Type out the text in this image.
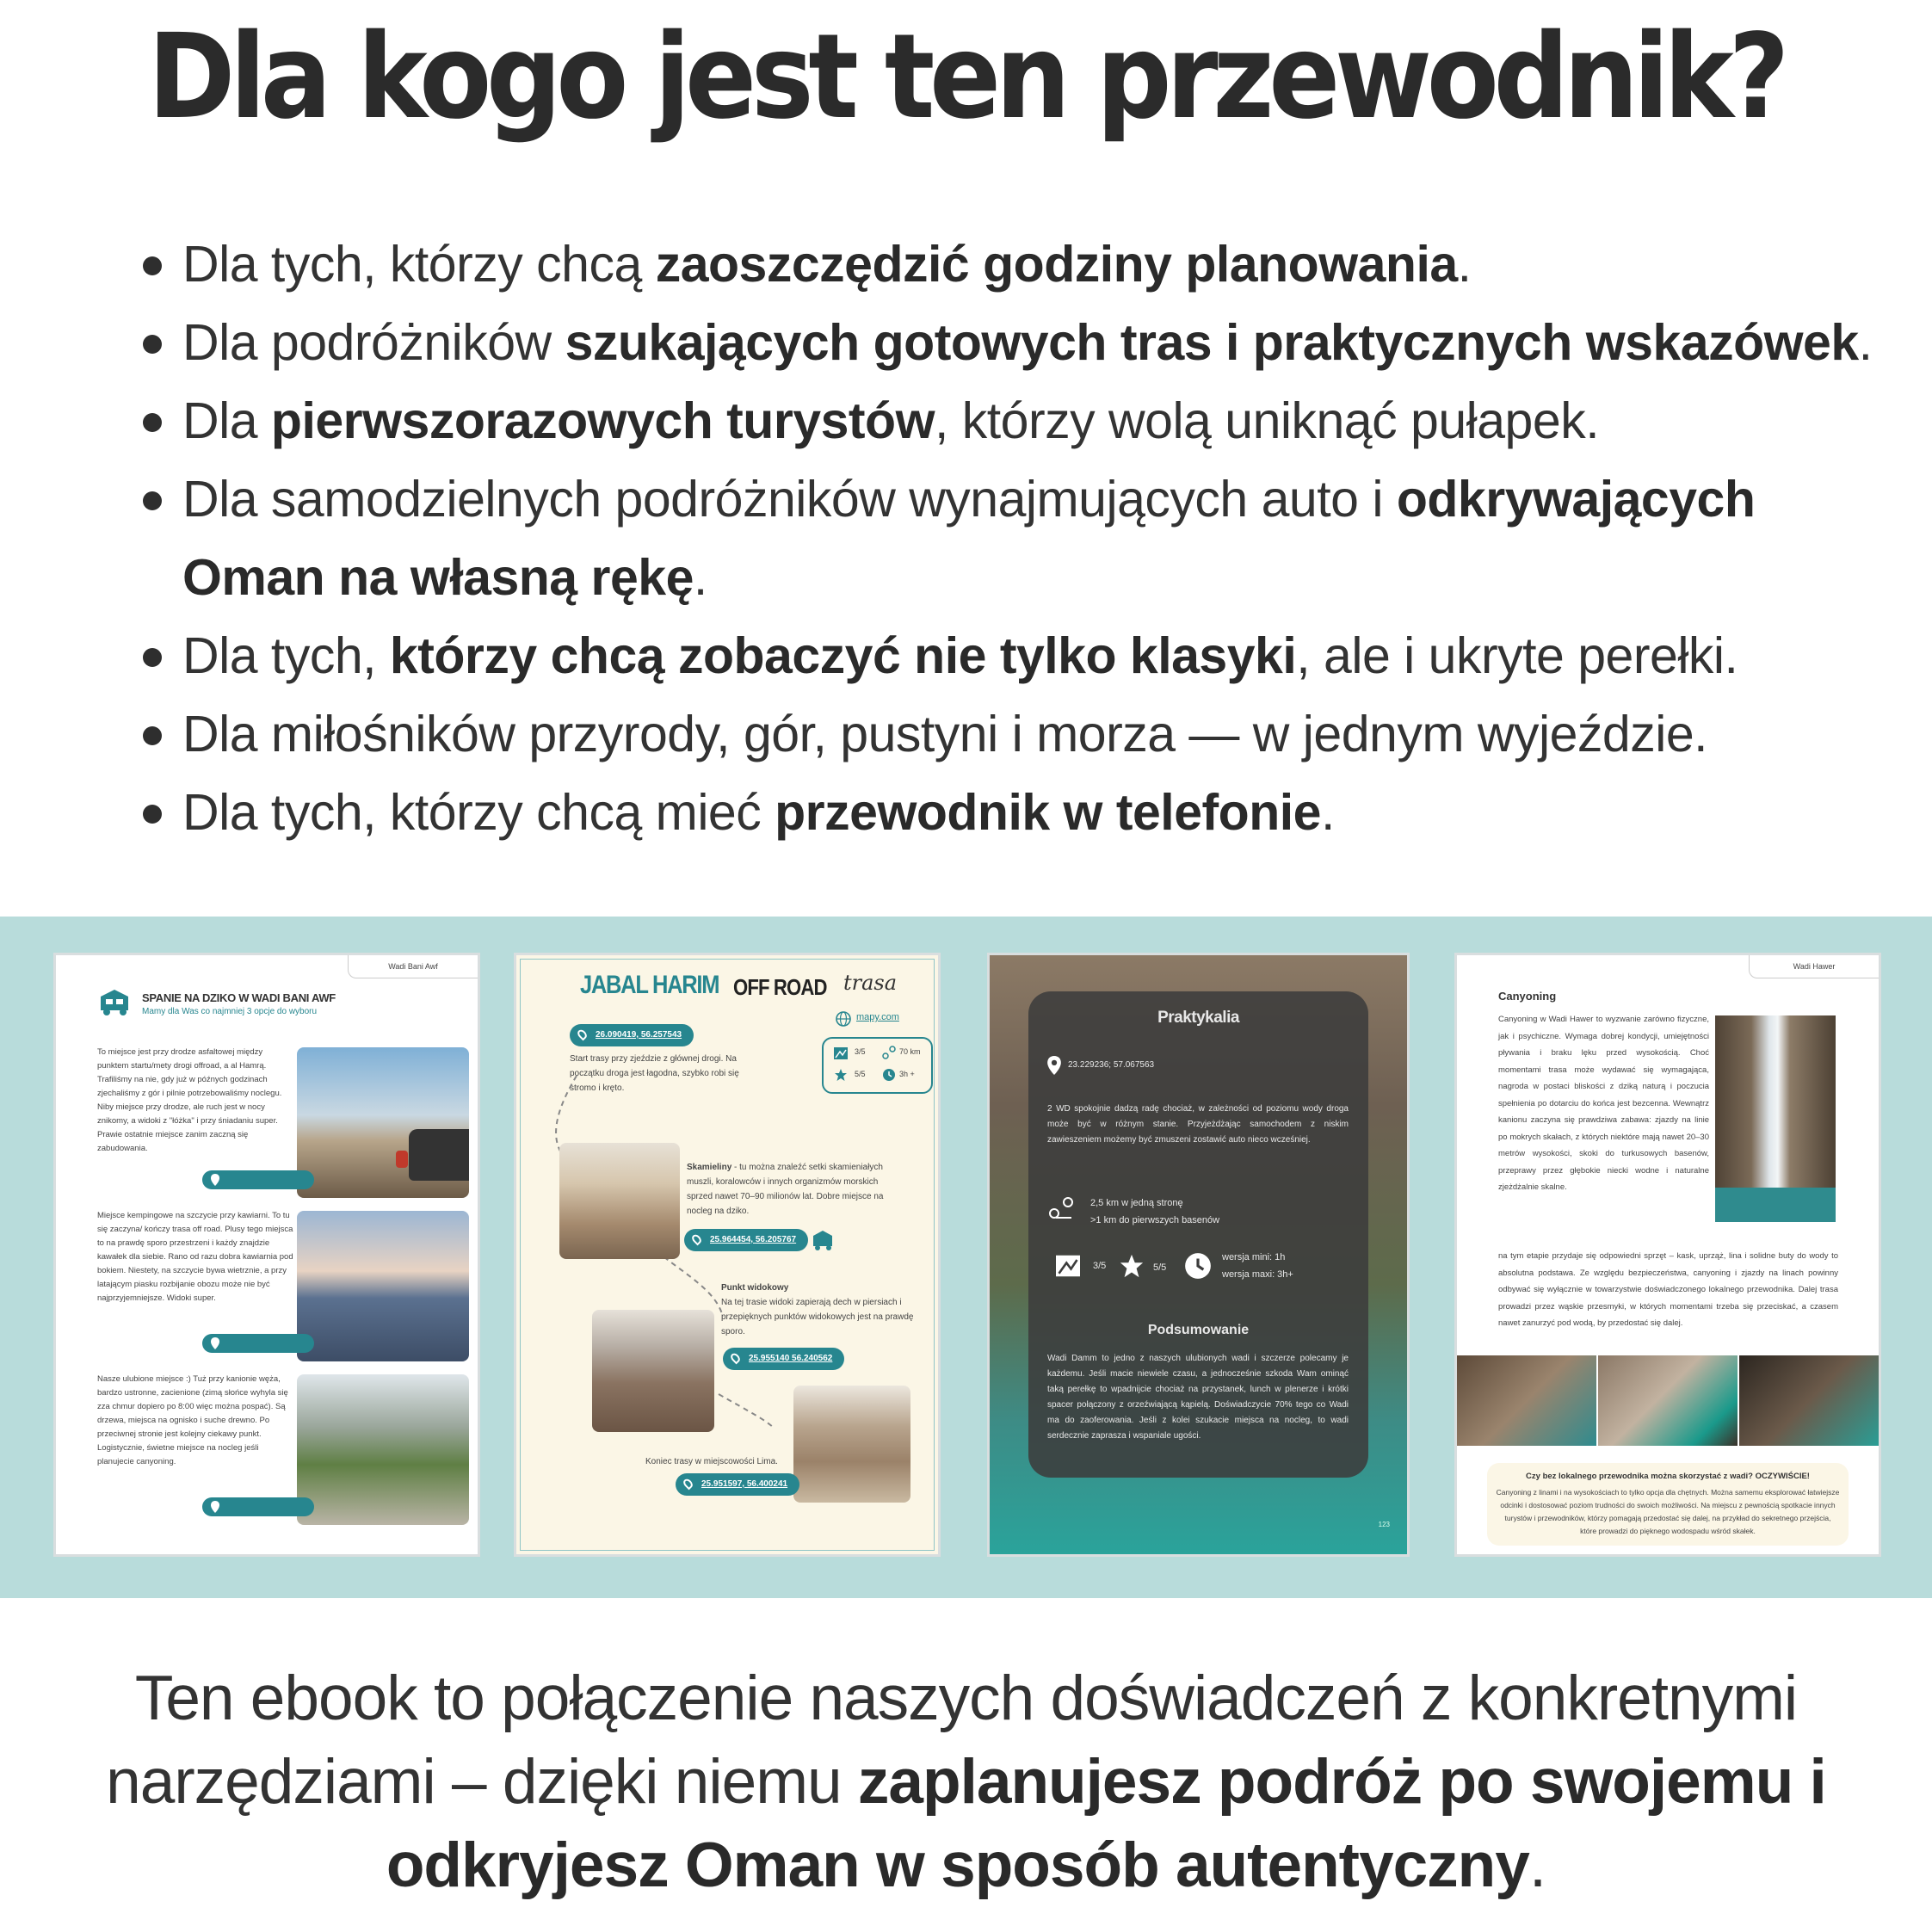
Dla kogo jest ten przewodnik?
Dla tych, którzy chcą zaoszczędzić godziny planowania.
Dla podróżników szukających gotowych tras i praktycznych wskazówek.
Dla pierwszorazowych turystów, którzy wolą uniknąć pułapek.
Dla samodzielnych podróżników wynajmujących auto i odkrywających Oman na własną rękę.
Dla tych, którzy chcą zobaczyć nie tylko klasyki, ale i ukryte perełki.
Dla miłośników przyrody, gór, pustyni i morza — w jednym wyjeździe.
Dla tych, którzy chcą mieć przewodnik w telefonie.
Wadi Bani Awf
SPANIE NA DZIKO W WADI BANI AWF
Mamy dla Was co najmniej 3 opcje do wyboru
To miejsce jest przy drodze asfaltowej między punktem startu/mety drogi offroad, a al Hamrą. Trafiliśmy na nie, gdy już w późnych godzinach zjechaliśmy z gór i pilnie potrzebowaliśmy noclegu. Niby miejsce przy drodze, ale ruch jest w nocy znikomy, a widoki z "łóżka" i przy śniadaniu super. Prawie ostatnie miejsce zanim zaczną się zabudowania.
Miejsce kempingowe na szczycie przy kawiarni. To tu się zaczyna/ kończy trasa off road. Plusy tego miejsca to na prawdę sporo przestrzeni i każdy znajdzie kawałek dla siebie. Rano od razu dobra kawiarnia pod bokiem. Niestety, na szczycie bywa wietrznie, a przy latającym piasku rozbijanie obozu może nie być najprzyjemniejsze. Widoki super.
Nasze ulubione miejsce :) Tuż przy kanionie wężа, bardzo ustronne, zacienione (zimą słońce wyhyla się zza chmur dopiero po 8:00 więc można pospać). Są drzewa, miejsca na ognisko i suche drewno. Po przeciwnej stronie jest kolejny ciekawy punkt. Logistycznie, świetne miejsce na nocleg jeśli planujecie canyoning.
JABAL HARIM OFF ROAD trasa
mapy.com
3/5	70 km
5/5	3h +
26.090419, 56.257543
Start trasy przy zjeździe z głównej drogi. Na początku droga jest łagodna, szybko robi się stromo i kręto.
Skamieliny - tu można znaleźć setki skamieniałych muszli, koralowców i innych organizmów morskich sprzed nawet 70–90 milionów lat. Dobre miejsce na nocleg na dziko.
25.964454, 56.205767
Punkt widokowy
Na tej trasie widoki zapierają dech w piersiach i przepięknych punktów widokowych jest na prawdę sporo.
25.955140 56.240562
Koniec trasy w miejscowości Lima.
25.951597, 56.400241
Praktykalia
23.229236; 57.067563
2 WD spokojnie dadzą radę chociaż, w zależności od poziomu wody droga może być w różnym stanie. Przyjeżdżając samochodem z niskim zawieszeniem możemy być zmuszeni zostawić auto nieco wcześniej.
2,5 km w jedną stronę
>1 km do pierwszych basenów
3/5	5/5
wersja mini: 1h
wersja maxi: 3h+
Podsumowanie
Wadi Damm to jedno z naszych ulubionych wadi i szczerze polecamy je każdemu. Jeśli macie niewiele czasu, a jednocześnie szkoda Wam ominąć taką perełkę to wpadnijcie chociaż na przystanek, lunch w plenerze i krótki spacer połączony z orzeźwiającą kąpielą. Doświadczycie 70% tego co Wadi ma do zaoferowania. Jeśli z kolei szukacie miejsca na nocleg, to wadi serdecznie zaprasza i wspaniale ugości.
123
Wadi Hawer
Canyoning
Canyoning w Wadi Hawer to wyzwanie zarówno fizyczne, jak i psychiczne. Wymaga dobrej kondycji, umiejętności pływania i braku lęku przed wysokością. Choć momentami trasa może wydawać się wymagająca, nagroda w postaci bliskości z dziką naturą i poczucia spełnienia po dotarciu do końca jest bezcenna. Wewnątrz kanionu zaczyna się prawdziwa zabawa: zjazdy na linie po mokrych skałach, z których niektóre mają nawet 20–30 metrów wysokości, skoki do turkusowych basenów, przeprawy przez głębokie niecki wodne i naturalne zjeżdżalnie skalne.
na tym etapie przydaje się odpowiedni sprzęt – kask, uprząż, lina i solidne buty do wody to absolutna podstawa. Ze względu bezpieczeństwa, canyoning i zjazdy na linach powinny odbywać się wyłącznie w towarzystwie doświadczonego lokalnego przewodnika. Dalej trasa prowadzi przez wąskie przesmyki, w których momentami trzeba się przeciskać, a czasem nawet zanurzyć pod wodą, by przedostać się dalej.
Czy bez lokalnego przewodnika można skorzystać z wadi? OCZYWIŚCIE!
Canyoning z linami i na wysokościach to tylko opcja dla chętnych. Można samemu eksplorować łatwiejsze odcinki i dostosować poziom trudności do swoich możliwości. Na miejscu z pewnością spotkacie innych turystów i przewodników, którzy pomagają przedostać się dalej, na przykład do sekretnego przejścia, które prowadzi do pięknego wodospadu wśród skałek.

Ten ebook to połączenie naszych doświadczeń z konkretnymi narzędziami – dzięki niemu zaplanujesz podróż po swojemu i odkryjesz Oman w sposób autentyczny.
